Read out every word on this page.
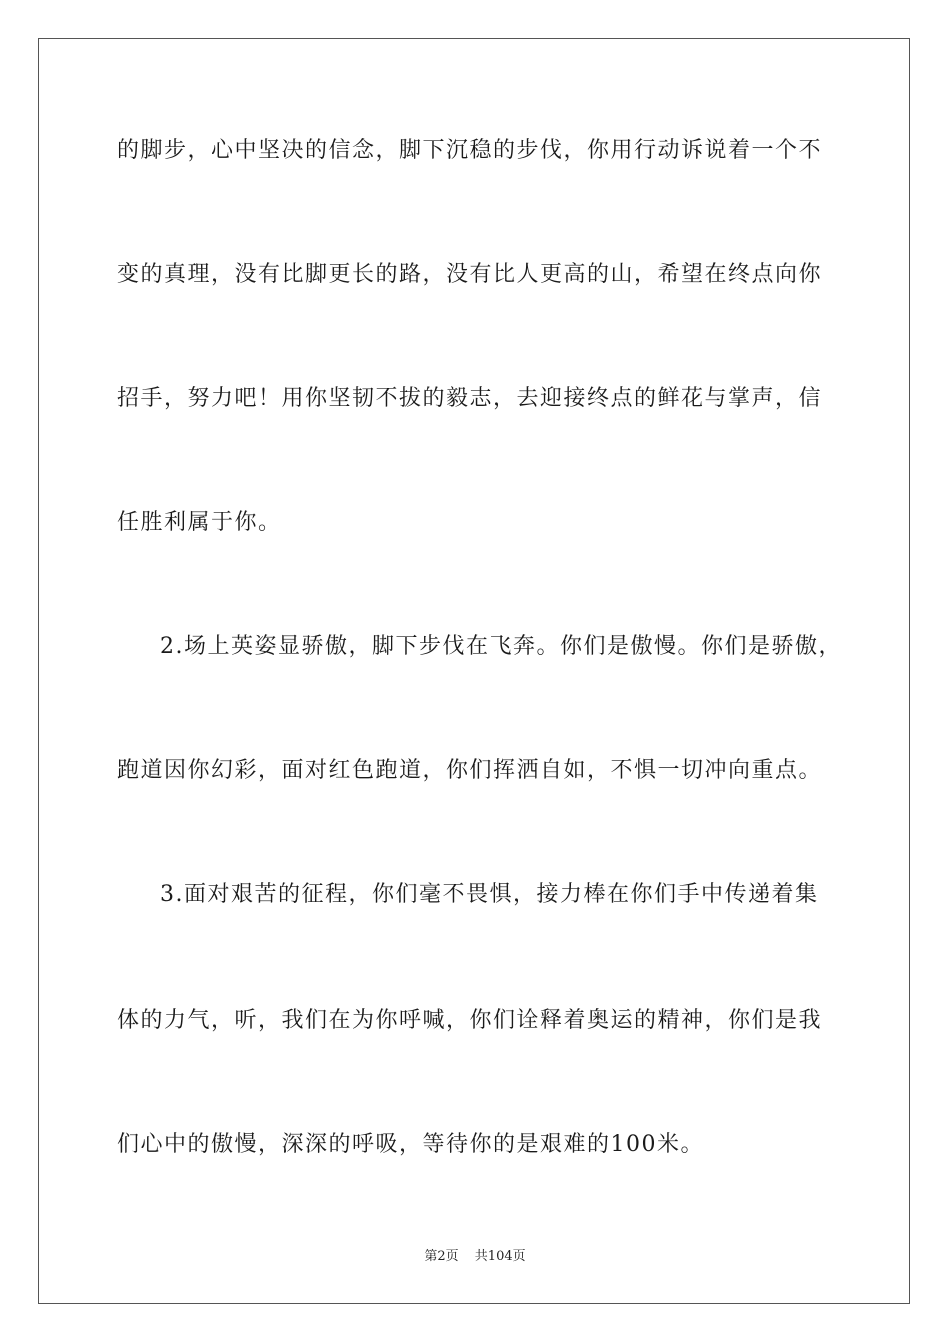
的脚步，心中坚决的信念，脚下沉稳的步伐，你用行动诉说着一个不
变的真理，没有比脚更长的路，没有比人更高的山，希望在终点向你
招手，努力吧！用你坚韧不拔的毅志，去迎接终点的鲜花与掌声，信
任胜利属于你。
2.场上英姿显骄傲，脚下步伐在飞奔。你们是傲慢。你们是骄傲，
跑道因你幻彩，面对红色跑道，你们挥洒自如，不惧一切冲向重点。
3.面对艰苦的征程，你们毫不畏惧，接力棒在你们手中传递着集
体的力气，听，我们在为你呼喊，你们诠释着奥运的精神，你们是我
们心中的傲慢，深深的呼吸，等待你的是艰难的100米。
第2页 共104页
